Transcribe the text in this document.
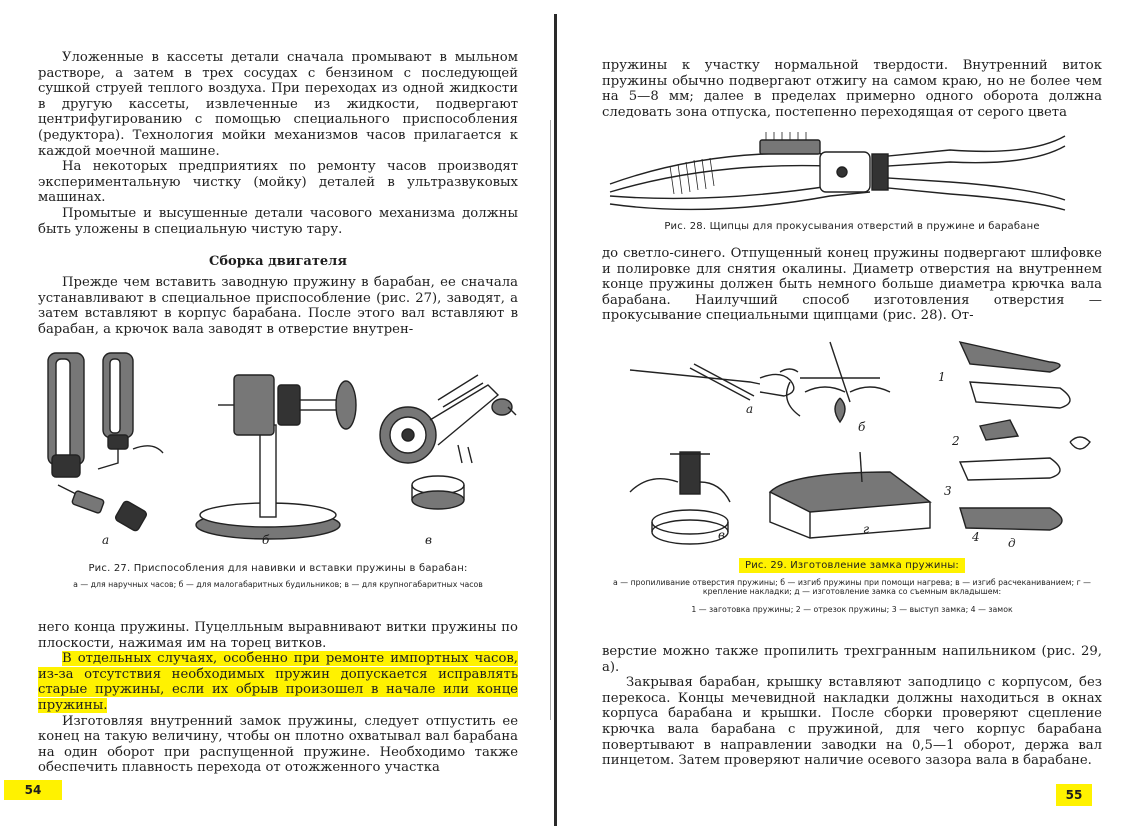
Уложенные в кассеты детали сначала промывают в мыльном растворе, а затем в трех сосудах с бензином с последующей сушкой струей теплого воздуха. При переходах из одной жидкости в другую кассеты, извлеченные из жидкости, подвергают центрифугированию с помощью специального приспособления (редуктора). Технология мойки механизмов часов прилагается к каждой моечной машине.

На некоторых предприятиях по ремонту часов производят экспериментальную чистку (мойку) деталей в ультразвуковых машинах.

Промытые и высушенные детали часового механизма должны быть уложены в специальную чистую тару.

Сборка двигателя

Прежде чем вставить заводную пружину в барабан, ее сначала устанавливают в специальное приспособление (рис. 27), заводят, а затем вставляют в корпус барабана. После этого вал вставляют в барабан, а крючок вала заводят в отверстие внутрен-

а	б	в
Рис. 27. Приспособления для навивки и вставки пружины в барабан:
а — для наручных часов; б — для малогабаритных будильников; в — для крупногабаритных часов

него конца пружины. Пуцелльным выравнивают витки пружины по плоскости, нажимая им на торец витков.

В отдельных случаях, особенно при ремонте импортных часов, из-за отсутствия необходимых пружин допускается исправлять старые пружины, если их обрыв произошел в начале или конце пружины.

Изготовляя внутренний замок пружины, следует отпустить ее конец на такую величину, чтобы он плотно охватывал вал барабана на один оборот при распущенной пружине. Необходимо также обеспечить плавность перехода от отожженного участка

54

пружины к участку нормальной твердости. Внутренний виток пружины обычно подвергают отжигу на самом краю, но не более чем на 5—8 мм; далее в пределах примерно одного оборота должна следовать зона отпуска, постепенно переходящая от серого цвета

Рис. 28. Щипцы для прокусывания отверстий в пружине и барабане

до светло-синего. Отпущенный конец пружины подвергают шлифовке и полировке для снятия окалины. Диаметр отверстия на внутреннем конце пружины должен быть немного больше диаметра крючка вала барабана. Наилучший способ изготовления отверстия — прокусывание специальными щипцами (рис. 28). От-

а
б
в	г
д
1
2
3
4
Рис. 29. Изготовление замка пружины:
а — пропиливание отверстия пружины; б — изгиб пружины при помощи нагрева; в — изгиб расчеканиванием; г — крепление накладки; д — изготовление замка со съемным вкладышем:
1 — заготовка пружины; 2 — отрезок пружины; 3 — выступ замка; 4 — замок

верстие можно также пропилить трехгранным напильником (рис. 29, а).

Закрывая барабан, крышку вставляют заподлицо с корпусом, без перекоса. Концы мечевидной накладки должны находиться в окнах корпуса барабана и крышки. После сборки проверяют сцепление крючка вала барабана с пружиной, для чего корпус барабана повертывают в направлении заводки на 0,5—1 оборот, держа вал пинцетом. Затем проверяют наличие осевого зазора вала в барабане.

55
